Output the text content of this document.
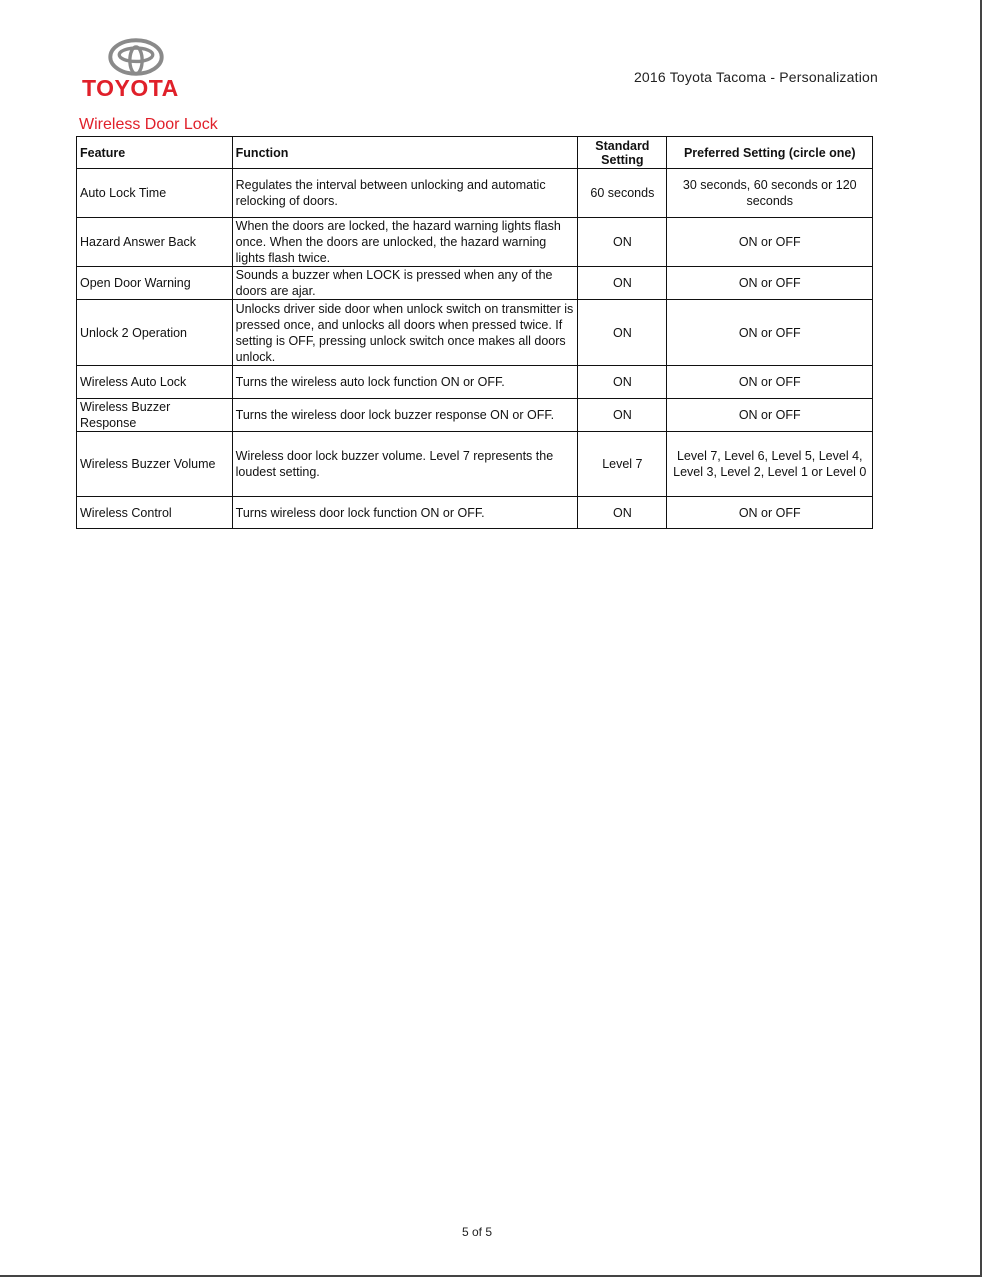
TOYOTA	2016 Toyota Tacoma - Personalization
Wireless Door Lock
Feature	Function	Standard Setting	Preferred Setting (circle one)
Auto Lock Time	Regulates the interval between unlocking and automatic relocking of doors.	60 seconds	30 seconds, 60 seconds or 120 seconds
Hazard Answer Back	When the doors are locked, the hazard warning lights flash once. When the doors are unlocked, the hazard warning lights flash twice.	ON	ON or OFF
Open Door Warning	Sounds a buzzer when LOCK is pressed when any of the doors are ajar.	ON	ON or OFF
Unlock 2 Operation	Unlocks driver side door when unlock switch on transmitter is pressed once, and unlocks all doors when pressed twice. If setting is OFF, pressing unlock switch once makes all doors unlock.	ON	ON or OFF
Wireless Auto Lock	Turns the wireless auto lock function ON or OFF.	ON	ON or OFF
Wireless Buzzer Response	Turns the wireless door lock buzzer response ON or OFF.	ON	ON or OFF
Wireless Buzzer Volume	Wireless door lock buzzer volume. Level 7 represents the loudest setting.	Level 7	Level 7, Level 6, Level 5, Level 4, Level 3, Level 2, Level 1 or Level 0
Wireless Control	Turns wireless door lock function ON or OFF.	ON	ON or OFF
5 of 5
